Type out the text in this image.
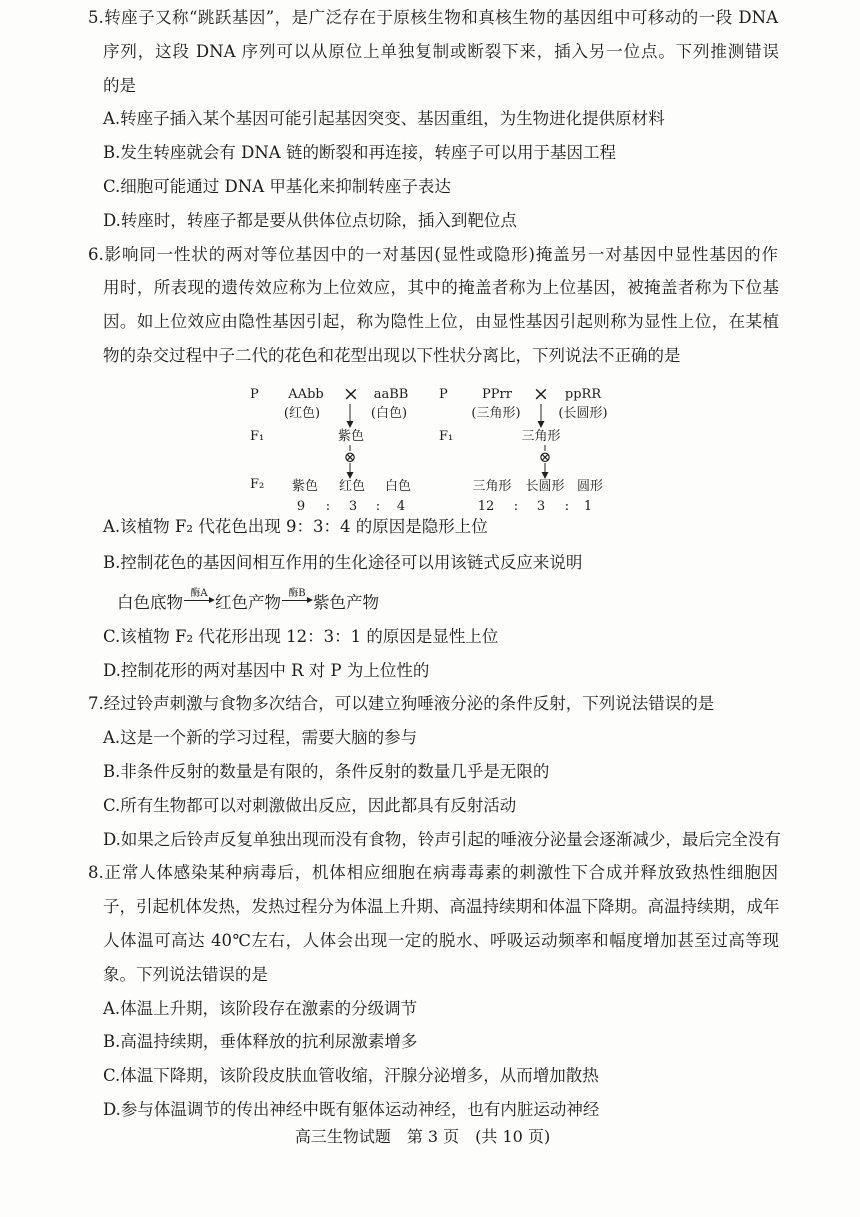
5.转座子又称“跳跃基因”，是广泛存在于原核生物和真核生物的基因组中可移动的一段 DNA
序列，这段 DNA 序列可以从原位上单独复制或断裂下来，插入另一位点。下列推测错误
的是
A.转座子插入某个基因可能引起基因突变、基因重组，为生物进化提供原材料
B.发生转座就会有 DNA 链的断裂和再连接，转座子可以用于基因工程
C.细胞可能通过 DNA 甲基化来抑制转座子表达
D.转座时，转座子都是要从供体位点切除，插入到靶位点
6.影响同一性状的两对等位基因中的一对基因(显性或隐形)掩盖另一对基因中显性基因的作
用时，所表现的遗传效应称为上位效应，其中的掩盖者称为上位基因，被掩盖者称为下位基
因。如上位效应由隐性基因引起，称为隐性上位，由显性基因引起则称为显性上位，在某植
物的杂交过程中子二代的花色和花型出现以下性状分离比，下列说法不正确的是
P AAbb × aaBB
(红色)	(白色)
F₁	紫色
⊗
F₂ 紫色 红色 白色
9 : 3 : 4
P	PPrr × ppRR
(三角形)	(长圆形)
F₁	三角形
⊗
三角形 长圆形 圆形
12 : 3 : 1
A.该植物 F₂ 代花色出现 9：3：4 的原因是隐形上位
B.控制花色的基因间相互作用的生化途径可以用该链式反应来说明
白色底物 酶A 红色产物 酶B 紫色产物
C.该植物 F₂ 代花形出现 12：3：1 的原因是显性上位
D.控制花形的两对基因中 R 对 P 为上位性的
7.经过铃声刺激与食物多次结合，可以建立狗唾液分泌的条件反射，下列说法错误的是
A.这是一个新的学习过程，需要大脑的参与
B.非条件反射的数量是有限的，条件反射的数量几乎是无限的
C.所有生物都可以对刺激做出反应，因此都具有反射活动
D.如果之后铃声反复单独出现而没有食物，铃声引起的唾液分泌量会逐渐减少，最后完全没有
8.正常人体感染某种病毒后，机体相应细胞在病毒毒素的刺激性下合成并释放致热性细胞因
子，引起机体发热，发热过程分为体温上升期、高温持续期和体温下降期。高温持续期，成年
人体温可高达 40℃左右，人体会出现一定的脱水、呼吸运动频率和幅度增加甚至过高等现
象。下列说法错误的是
A.体温上升期，该阶段存在激素的分级调节
B.高温持续期，垂体释放的抗利尿激素增多
C.体温下降期，该阶段皮肤血管收缩，汗腺分泌增多，从而增加散热
D.参与体温调节的传出神经中既有躯体运动神经，也有内脏运动神经
高三生物试题　第 3 页　(共 10 页)
